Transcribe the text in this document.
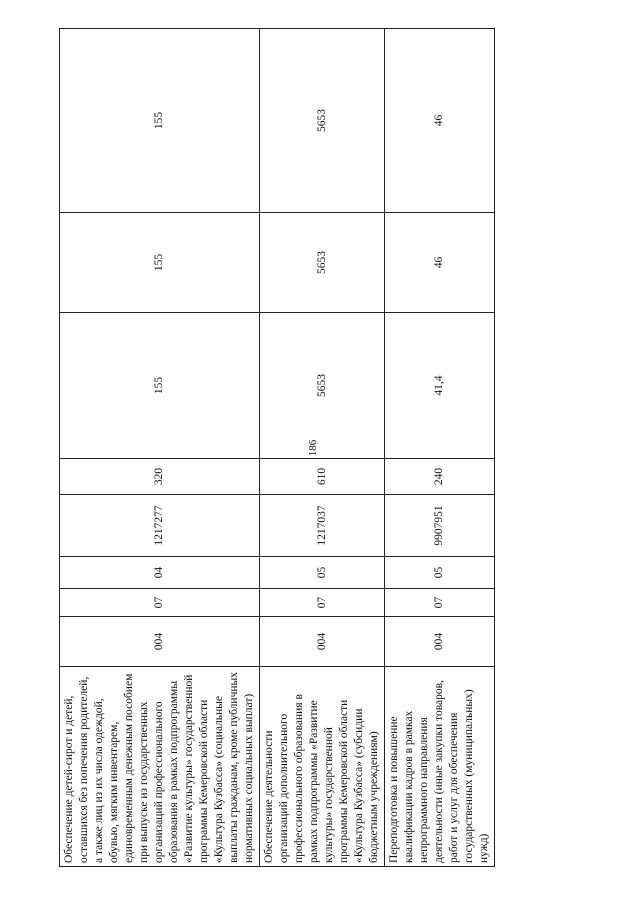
186
Обеспечение детей-сирот и детей, оставшихся без попечения родителей, а также лиц из их числа одеждой, обувью, мягким инвентарем, единовременным денежным пособием при выпуске из государственных организаций профессионального образования в рамках подпрограммы «Развитие культуры» государственной программы Кемеровской области «Культура Кузбасса» (социальные выплаты гражданам, кроме публичных нормативных социальных выплат)	004	07	04	1217277	320	155	155	155
Обеспечение деятельности организаций дополнительного профессионального образования в рамках подпрограммы «Развитие культуры» государственной программы Кемеровской области «Культура Кузбасса» (субсидии бюджетным учреждениям)	004	07	05	1217037	610	5653	5653	5653
Переподготовка и повышение квалификации кадров в рамках непрограммного направления деятельности (иные закупки товаров, работ и услуг для обеспечения государственных (муниципальных) нужд)	004	07	05	9907951	240	41,4	46	46
